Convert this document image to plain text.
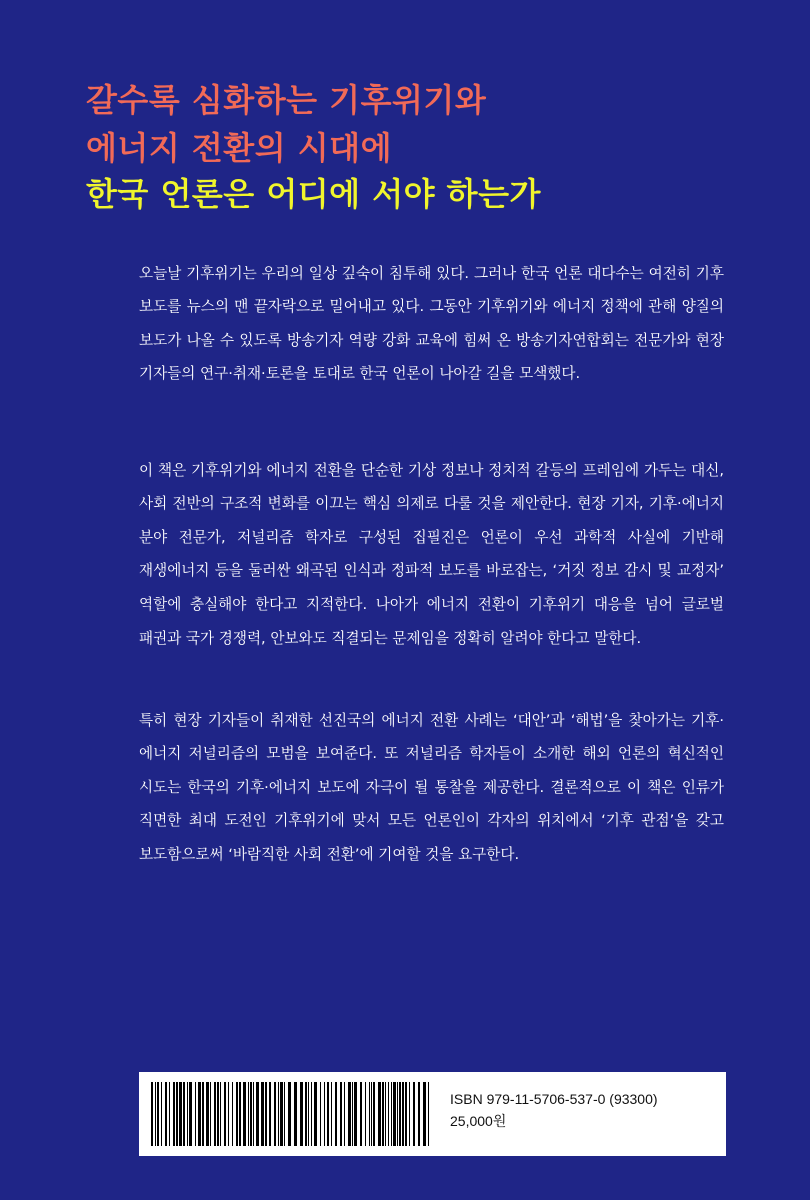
갈수록 심화하는 기후위기와
에너지 전환의 시대에
한국 언론은 어디에 서야 하는가

오늘날 기후위기는 우리의 일상 깊숙이 침투해 있다. 그러나 한국 언론 대다수는 여전히 기후 보도를 뉴스의 맨 끝자락으로 밀어내고 있다. 그동안 기후위기와 에너지 정책에 관해 양질의 보도가 나올 수 있도록 방송기자 역량 강화 교육에 힘써 온 방송기자연합회는 전문가와 현장 기자들의 연구·취재·토론을 토대로 한국 언론이 나아갈 길을 모색했다.

이 책은 기후위기와 에너지 전환을 단순한 기상 정보나 정치적 갈등의 프레임에 가두는 대신, 사회 전반의 구조적 변화를 이끄는 핵심 의제로 다룰 것을 제안한다. 현장 기자, 기후·에너지 분야 전문가, 저널리즘 학자로 구성된 집필진은 언론이 우선 과학적 사실에 기반해 재생에너지 등을 둘러싼 왜곡된 인식과 정파적 보도를 바로잡는, ‘거짓 정보 감시 및 교정자’ 역할에 충실해야 한다고 지적한다. 나아가 에너지 전환이 기후위기 대응을 넘어 글로벌 패권과 국가 경쟁력, 안보와도 직결되는 문제임을 정확히 알려야 한다고 말한다.

특히 현장 기자들이 취재한 선진국의 에너지 전환 사례는 ‘대안’과 ‘해법’을 찾아가는 기후·에너지 저널리즘의 모범을 보여준다. 또 저널리즘 학자들이 소개한 해외 언론의 혁신적인 시도는 한국의 기후·에너지 보도에 자극이 될 통찰을 제공한다. 결론적으로 이 책은 인류가 직면한 최대 도전인 기후위기에 맞서 모든 언론인이 각자의 위치에서 ‘기후 관점’을 갖고 보도함으로써 ‘바람직한 사회 전환’에 기여할 것을 요구한다.

ISBN 979-11-5706-537-0 (93300)
25,000원
